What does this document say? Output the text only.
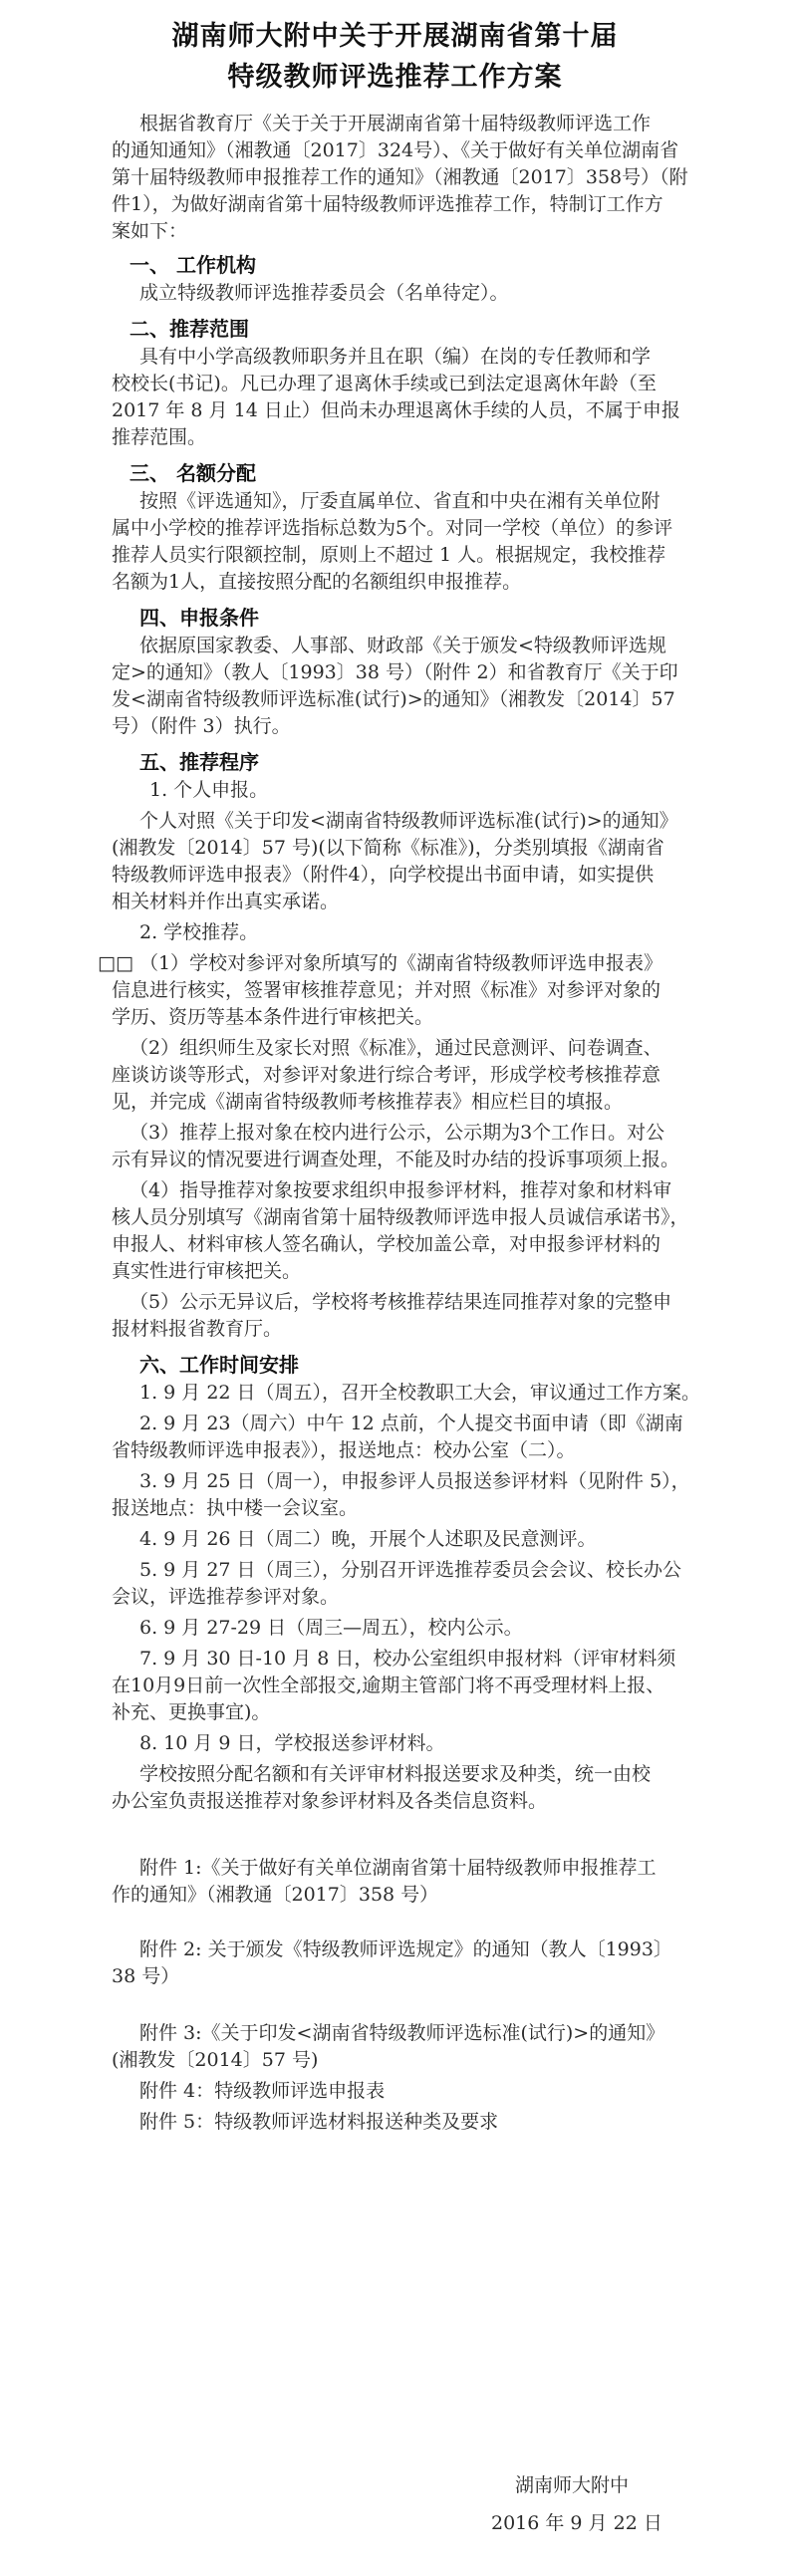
湖南师大附中关于开展湖南省第十届
特级教师评选推荐工作方案
根据省教育厅《关于关于开展湖南省第十届特级教师评选工作
的通知通知》（湘教通〔2017〕324号）、《关于做好有关单位湖南省
第十届特级教师申报推荐工作的通知》（湘教通〔2017〕358号）（附
件1），为做好湖南省第十届特级教师评选推荐工作，特制订工作方
案如下：
一、 工作机构
成立特级教师评选推荐委员会（名单待定）。
二、推荐范围
具有中小学高级教师职务并且在职（编）在岗的专任教师和学
校校长(书记)。凡已办理了退离休手续或已到法定退离休年龄（至
2017 年 8 月 14 日止）但尚未办理退离休手续的人员，不属于申报
推荐范围。
三、 名额分配
按照《评选通知》，厅委直属单位、省直和中央在湘有关单位附
属中小学校的推荐评选指标总数为5个。对同一学校（单位）的参评
推荐人员实行限额控制，原则上不超过 1 人。根据规定，我校推荐
名额为1人，直接按照分配的名额组织申报推荐。
四、申报条件
依据原国家教委、人事部、财政部《关于颁发<特级教师评选规
定>的通知》（教人〔1993〕38 号）（附件 2）和省教育厅《关于印
发<湖南省特级教师评选标准(试行)>的通知》（湘教发〔2014〕57
号）（附件 3）执行。
五、推荐程序
1. 个人申报。
个人对照《关于印发<湖南省特级教师评选标准(试行)>的通知》
(湘教发〔2014〕57 号)(以下简称《标准》)，分类别填报《湖南省
特级教师评选申报表》（附件4），向学校提出书面申请，如实提供
相关材料并作出真实承诺。
2. 学校推荐。
□□ （1）学校对参评对象所填写的《湖南省特级教师评选申报表》
信息进行核实，签署审核推荐意见；并对照《标准》对参评对象的
学历、资历等基本条件进行审核把关。
（2）组织师生及家长对照《标准》，通过民意测评、问卷调查、
座谈访谈等形式，对参评对象进行综合考评，形成学校考核推荐意
见，并完成《湖南省特级教师考核推荐表》相应栏目的填报。
（3）推荐上报对象在校内进行公示，公示期为3个工作日。对公
示有异议的情况要进行调查处理，不能及时办结的投诉事项须上报。
（4）指导推荐对象按要求组织申报参评材料，推荐对象和材料审
核人员分别填写《湖南省第十届特级教师评选申报人员诚信承诺书》，
申报人、材料审核人签名确认，学校加盖公章，对申报参评材料的
真实性进行审核把关。
（5）公示无异议后，学校将考核推荐结果连同推荐对象的完整申
报材料报省教育厅。
六、工作时间安排
1. 9 月 22 日（周五），召开全校教职工大会，审议通过工作方案。
2. 9 月 23（周六）中午 12 点前，个人提交书面申请（即《湖南
省特级教师评选申报表》），报送地点：校办公室（二）。
3. 9 月 25 日（周一），申报参评人员报送参评材料（见附件 5），
报送地点：执中楼一会议室。
4. 9 月 26 日（周二）晚，开展个人述职及民意测评。
5. 9 月 27 日（周三），分别召开评选推荐委员会会议、校长办公
会议，评选推荐参评对象。
6. 9 月 27-29 日（周三—周五），校内公示。
7. 9 月 30 日-10 月 8 日，校办公室组织申报材料（评审材料须
在10月9日前一次性全部报交,逾期主管部门将不再受理材料上报、
补充、更换事宜)。
8. 10 月 9 日，学校报送参评材料。
学校按照分配名额和有关评审材料报送要求及种类，统一由校
办公室负责报送推荐对象参评材料及各类信息资料。
附件 1:《关于做好有关单位湖南省第十届特级教师申报推荐工
作的通知》（湘教通〔2017〕358 号）
附件 2: 关于颁发《特级教师评选规定》的通知（教人〔1993〕
38 号）
附件 3:《关于印发<湖南省特级教师评选标准(试行)>的通知》
(湘教发〔2014〕57 号)
附件 4：特级教师评选申报表
附件 5：特级教师评选材料报送种类及要求
湖南师大附中
2016 年 9 月 22 日
